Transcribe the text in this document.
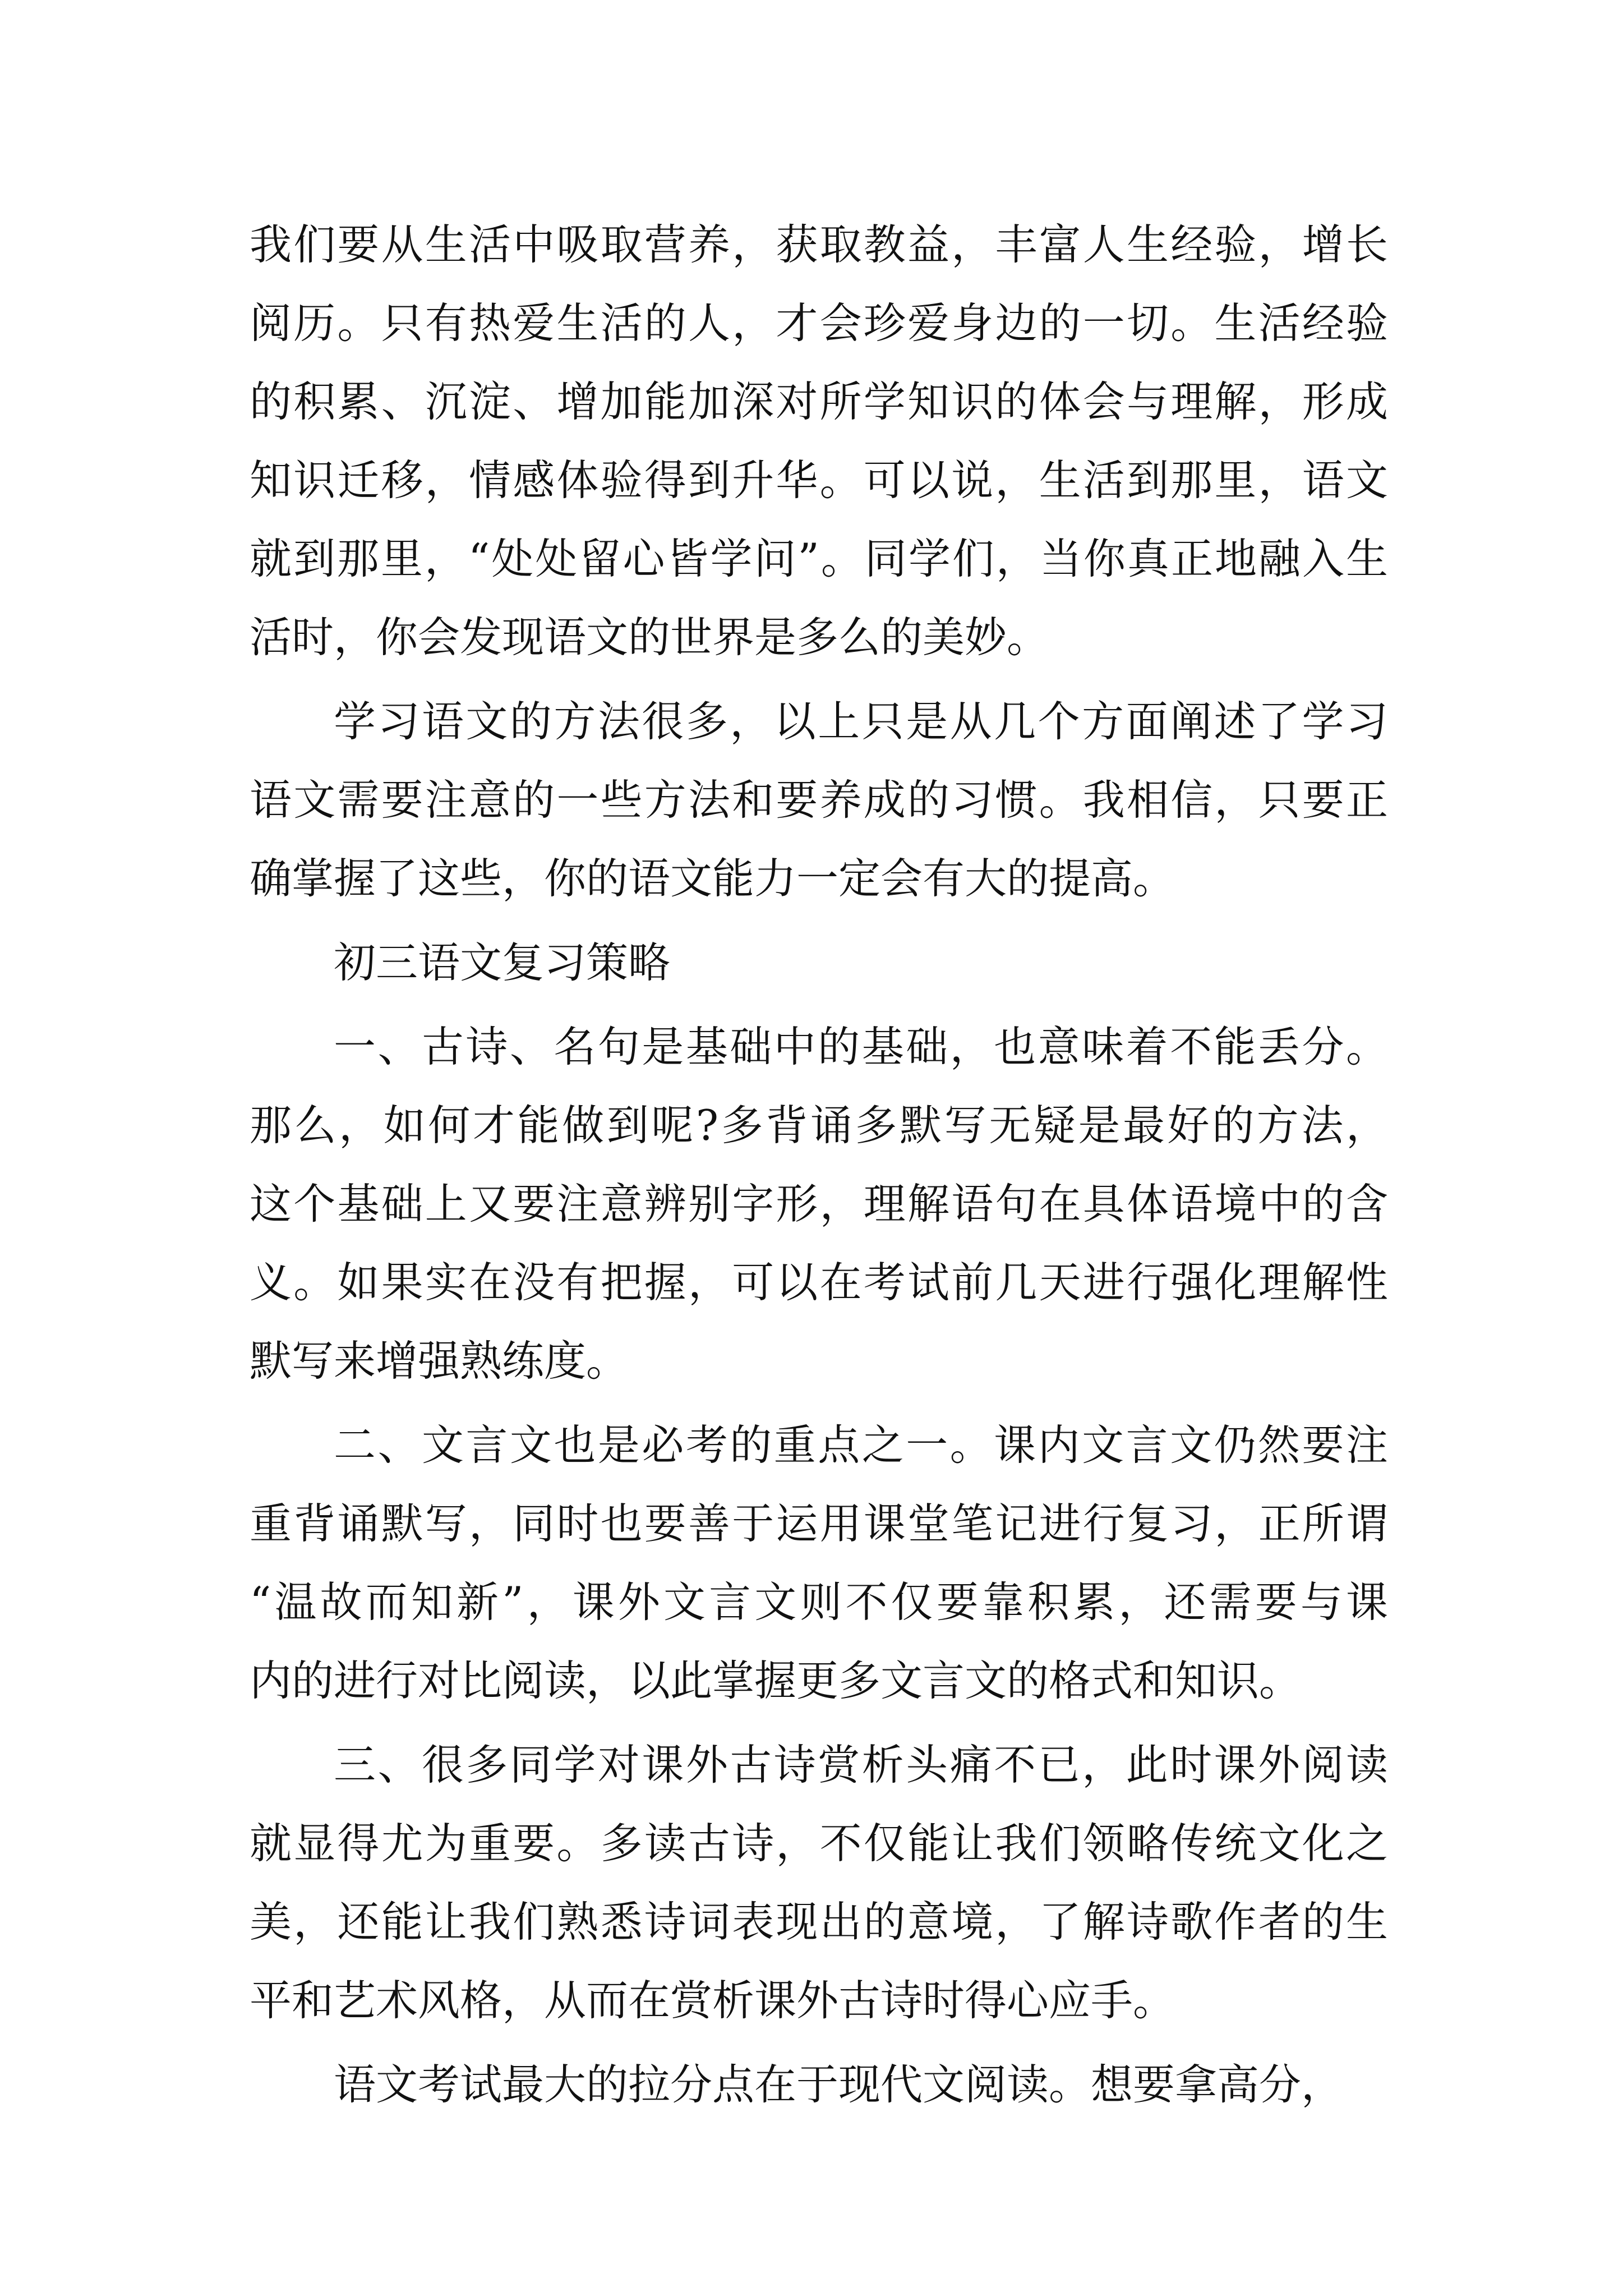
我们要从生活中吸取营养，获取教益，丰富人生经验，增长
阅历。只有热爱生活的人，才会珍爱身边的一切。生活经验
的积累、沉淀、增加能加深对所学知识的体会与理解，形成
知识迁移，情感体验得到升华。可以说，生活到那里，语文
就到那里，“处处留心皆学问”。同学们，当你真正地融入生
活时，你会发现语文的世界是多么的美妙。
学习语文的方法很多，以上只是从几个方面阐述了学习
语文需要注意的一些方法和要养成的习惯。我相信，只要正
确掌握了这些，你的语文能力一定会有大的提高。
初三语文复习策略
一、古诗、名句是基础中的基础，也意味着不能丢分。
那么，如何才能做到呢?多背诵多默写无疑是最好的方法，
这个基础上又要注意辨别字形，理解语句在具体语境中的含
义。如果实在没有把握，可以在考试前几天进行强化理解性
默写来增强熟练度。
二、文言文也是必考的重点之一。课内文言文仍然要注
重背诵默写，同时也要善于运用课堂笔记进行复习，正所谓
“温故而知新”，课外文言文则不仅要靠积累，还需要与课
内的进行对比阅读，以此掌握更多文言文的格式和知识。
三、很多同学对课外古诗赏析头痛不已，此时课外阅读
就显得尤为重要。多读古诗，不仅能让我们领略传统文化之
美，还能让我们熟悉诗词表现出的意境，了解诗歌作者的生
平和艺术风格，从而在赏析课外古诗时得心应手。
语文考试最大的拉分点在于现代文阅读。想要拿高分，
